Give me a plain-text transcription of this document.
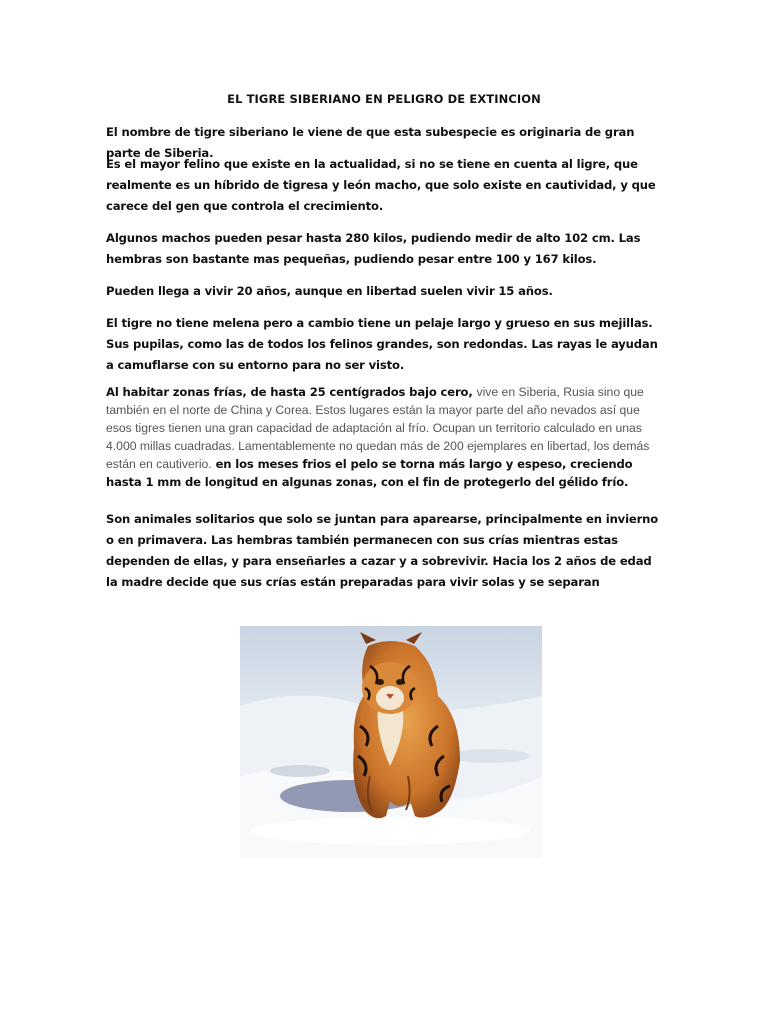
EL TIGRE SIBERIANO EN PELIGRO DE EXTINCION
El nombre de tigre siberiano le viene de que esta subespecie es originaria de gran parte de Siberia.
Es el mayor felino que existe en la actualidad, si no se tiene en cuenta al ligre, que realmente es un híbrido de tigresa y león macho, que solo existe en cautividad, y que carece del gen que controla el crecimiento.
Algunos machos pueden pesar hasta 280 kilos, pudiendo medir de alto 102 cm. Las hembras son bastante mas pequeñas, pudiendo pesar entre 100 y 167 kilos.
Pueden llega a vivir 20 años, aunque en libertad suelen vivir 15 años.
El tigre no tiene melena pero a cambio tiene un pelaje largo y grueso en sus mejillas. Sus pupilas, como las de todos los felinos grandes, son redondas. Las rayas le ayudan a camuflarse con su entorno para no ser visto.
Al habitar zonas frías, de hasta 25 centígrados bajo cero, vive en Siberia, Rusia sino que también en el norte de China y Corea. Estos lugares están la mayor parte del año nevados así que esos tigres tienen una gran capacidad de adaptación al frío. Ocupan un territorio calculado en unas 4.000 millas cuadradas. Lamentablemente no quedan más de 200 ejemplares en libertad, los demás están en cautiverio. en los meses frios el pelo se torna más largo y espeso, creciendo hasta 1 mm de longitud en algunas zonas, con el fin de protegerlo del gélido frío.
Son animales solitarios que solo se juntan para aparearse, principalmente en invierno o en primavera. Las hembras también permanecen con sus crías mientras estas dependen de ellas, y para enseñarles a cazar y a sobrevivir. Hacia los 2 años de edad la madre decide que sus crías están preparadas para vivir solas y se separan
